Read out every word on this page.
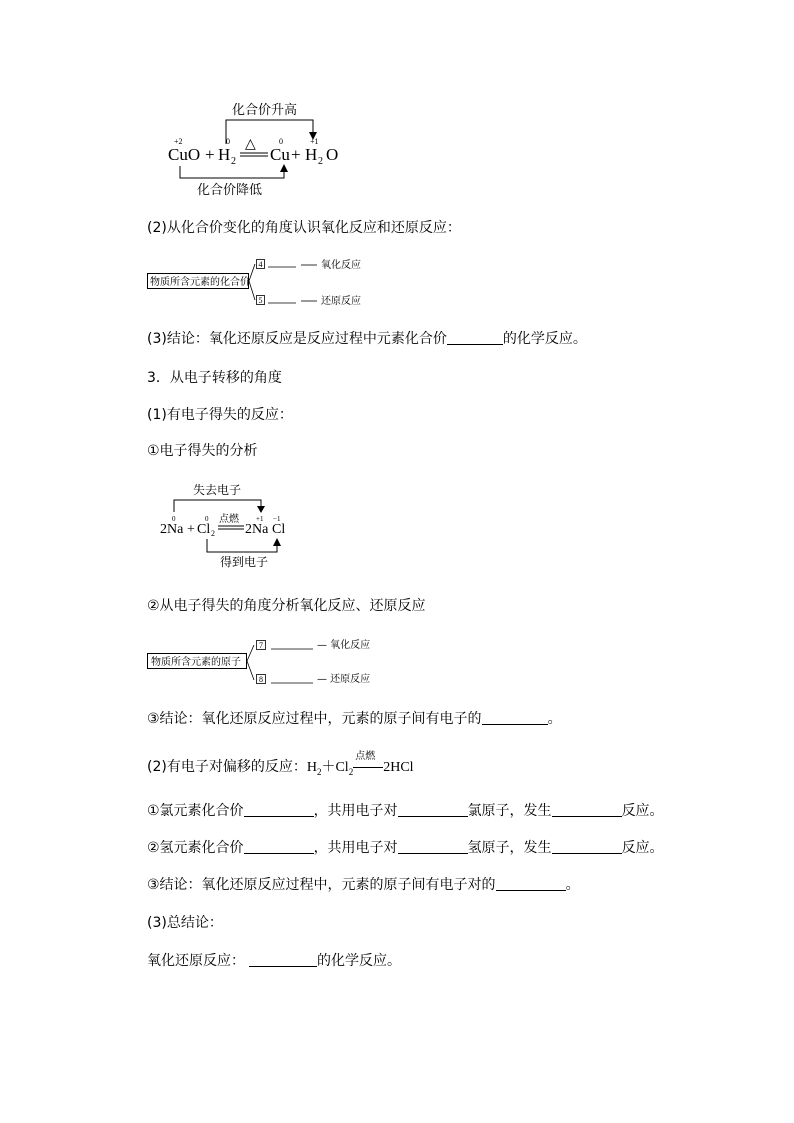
化合价升高
+2	0	0	+1
CuO + H 2
△
Cu + H 2 O
化合价降低
(2)从化合价变化的角度认识氧化反应和还原反应：
物质所含元素的化合价
4	氧化反应
5	还原反应
(3)结论：氧化还原反应是反应过程中元素化合价	的化学反应。
3．从电子转移的角度
(1)有电子得失的反应：
①电子得失的分析
失去电子
0	0	+1 −1
2Na + Cl 2
点燃
2Na Cl
得到电子
②从电子得失的角度分析氧化反应、还原反应
物质所含元素的原子
7	— 氧化反应
8	— 还原反应
③结论：氧化还原反应过程中，元素的原子间有电子的	。
(2)有电子对偏移的反应：$H_2+Cl_2$
点燃
2HCl
①氯元素化合价	，共用电子对	氯原子，发生	反应。
②氢元素化合价	，共用电子对	氢原子，发生	反应。
③结论：氧化还原反应过程中，元素的原子间有电子对的	。
(3)总结论：
氧化还原反应：	的化学反应。
